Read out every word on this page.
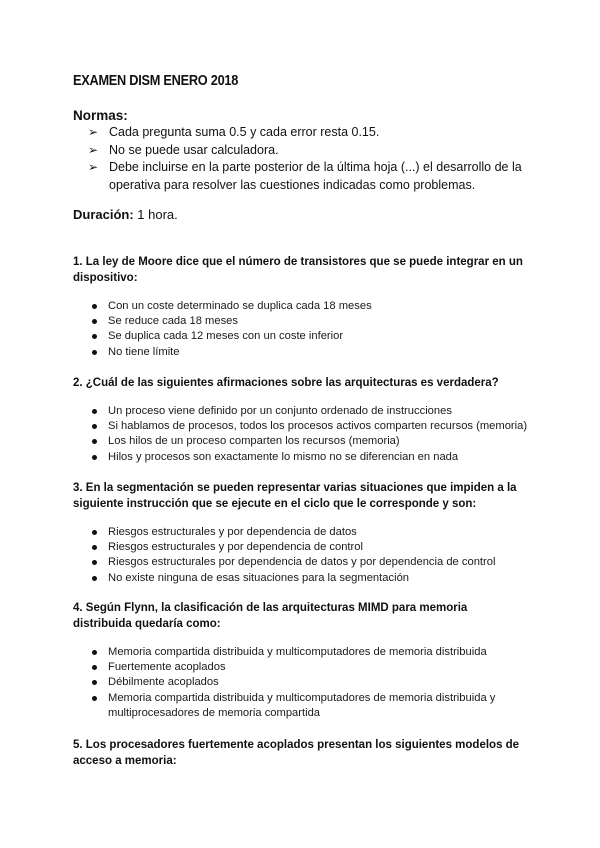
EXAMEN DISM ENERO 2018
Normas:
➢ Cada pregunta suma 0.5 y cada error resta 0.15.
➢ No se puede usar calculadora.
➢ Debe incluirse en la parte posterior de la última hoja (...) el desarrollo de la operativa para resolver las cuestiones indicadas como problemas.
Duración: 1 hora.
1. La ley de Moore dice que el número de transistores que se puede integrar en un dispositivo:
Con un coste determinado se duplica cada 18 meses
Se reduce cada 18 meses
Se duplica cada 12 meses con un coste inferior
No tiene límite
2. ¿Cuál de las siguientes afirmaciones sobre las arquitecturas es verdadera?
Un proceso viene definido por un conjunto ordenado de instrucciones
Si hablamos de procesos, todos los procesos activos comparten recursos (memoria)
Los hilos de un proceso comparten los recursos (memoria)
Hilos y procesos son exactamente lo mismo no se diferencian en nada
3. En la segmentación se pueden representar varias situaciones que impiden a la siguiente instrucción que se ejecute en el ciclo que le corresponde y son:
Riesgos estructurales y por dependencia de datos
Riesgos estructurales y por dependencia de control
Riesgos estructurales por dependencia de datos y por dependencia de control
No existe ninguna de esas situaciones para la segmentación
4. Según Flynn, la clasificación de las arquitecturas MIMD para memoria distribuida quedaría como:
Memoria compartida distribuida y multicomputadores de memoria distribuida
Fuertemente acoplados
Débilmente acoplados
Memoria compartida distribuida y multicomputadores de memoria distribuida y multiprocesadores de memoria compartida
5. Los procesadores fuertemente acoplados presentan los siguientes modelos de acceso a memoria:
